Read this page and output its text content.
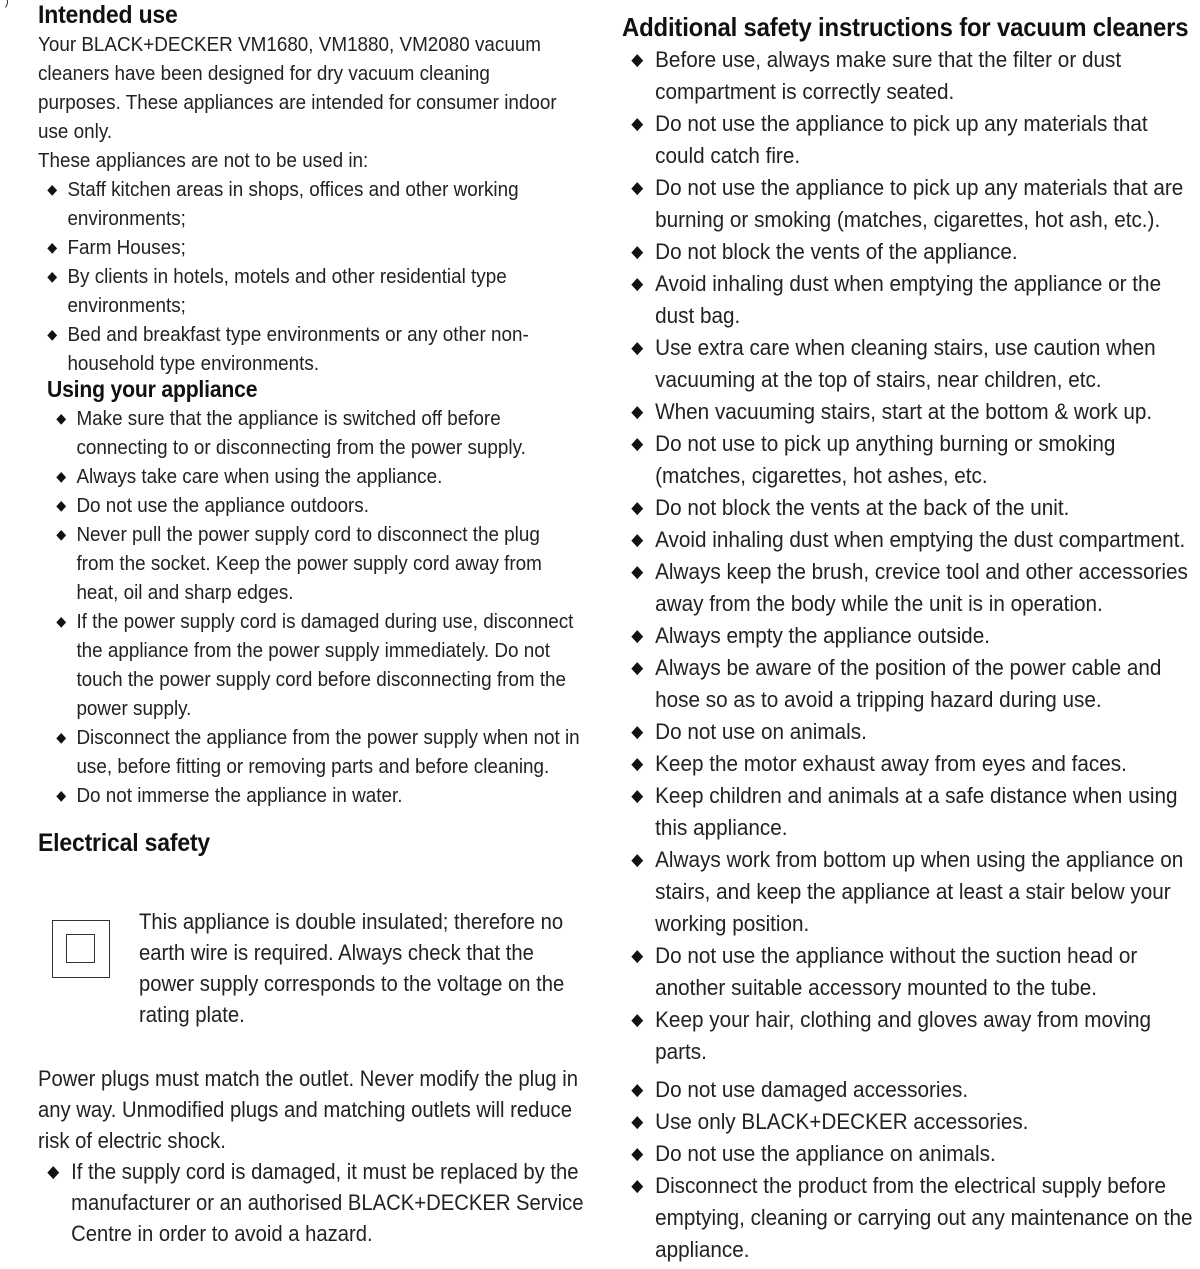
Intended use

Your BLACK+DECKER VM1680, VM1880, VM2080 vacuum cleaners have been designed for dry vacuum cleaning purposes. These appliances are intended for consumer indoor use only.

These appliances are not to be used in:

◆ Staff kitchen areas in shops, offices and other working environments;
◆ Farm Houses;
◆ By clients in hotels, motels and other residential type environments;
◆ Bed and breakfast type environments or any other non-household type environments.
Using your appliance
◆ Make sure that the appliance is switched off before connecting to or disconnecting from the power supply.
◆ Always take care when using the appliance.
◆ Do not use the appliance outdoors.
◆ Never pull the power supply cord to disconnect the plug from the socket. Keep the power supply cord away from heat, oil and sharp edges.
◆ If the power supply cord is damaged during use, disconnect the appliance from the power supply immediately. Do not touch the power supply cord before disconnecting from the power supply.
◆ Disconnect the appliance from the power supply when not in use, before fitting or removing parts and before cleaning.
◆ Do not immerse the appliance in water.
Electrical safety
This appliance is double insulated; therefore no earth wire is required. Always check that the power supply corresponds to the voltage on the rating plate.

Power plugs must match the outlet. Never modify the plug in any way. Unmodified plugs and matching outlets will reduce risk of electric shock.

◆ If the supply cord is damaged, it must be replaced by the manufacturer or an authorised BLACK+DECKER Service Centre in order to avoid a hazard.
Additional safety instructions for vacuum cleaners
◆ Before use, always make sure that the filter or dust compartment is correctly seated.
◆ Do not use the appliance to pick up any materials that could catch fire.
◆ Do not use the appliance to pick up any materials that are burning or smoking (matches, cigarettes, hot ash, etc.).
◆ Do not block the vents of the appliance.
◆ Avoid inhaling dust when emptying the appliance or the dust bag.
◆ Use extra care when cleaning stairs, use caution when vacuuming at the top of stairs, near children, etc.
◆ When vacuuming stairs, start at the bottom & work up.
◆ Do not use to pick up anything burning or smoking (matches, cigarettes, hot ashes, etc.
◆ Do not block the vents at the back of the unit.
◆ Avoid inhaling dust when emptying the dust compartment.
◆ Always keep the brush, crevice tool and other accessories away from the body while the unit is in operation.
◆ Always empty the appliance outside.
◆ Always be aware of the position of the power cable and hose so as to avoid a tripping hazard during use.
◆ Do not use on animals.
◆ Keep the motor exhaust away from eyes and faces.
◆ Keep children and animals at a safe distance when using this appliance.
◆ Always work from bottom up when using the appliance on stairs, and keep the appliance at least a stair below your working position.
◆ Do not use the appliance without the suction head or another suitable accessory mounted to the tube.
◆ Keep your hair, clothing and gloves away from moving parts.
◆ Do not use damaged accessories.
◆ Use only BLACK+DECKER accessories.
◆ Do not use the appliance on animals.
◆ Disconnect the product from the electrical supply before emptying, cleaning or carrying out any maintenance on the appliance.
